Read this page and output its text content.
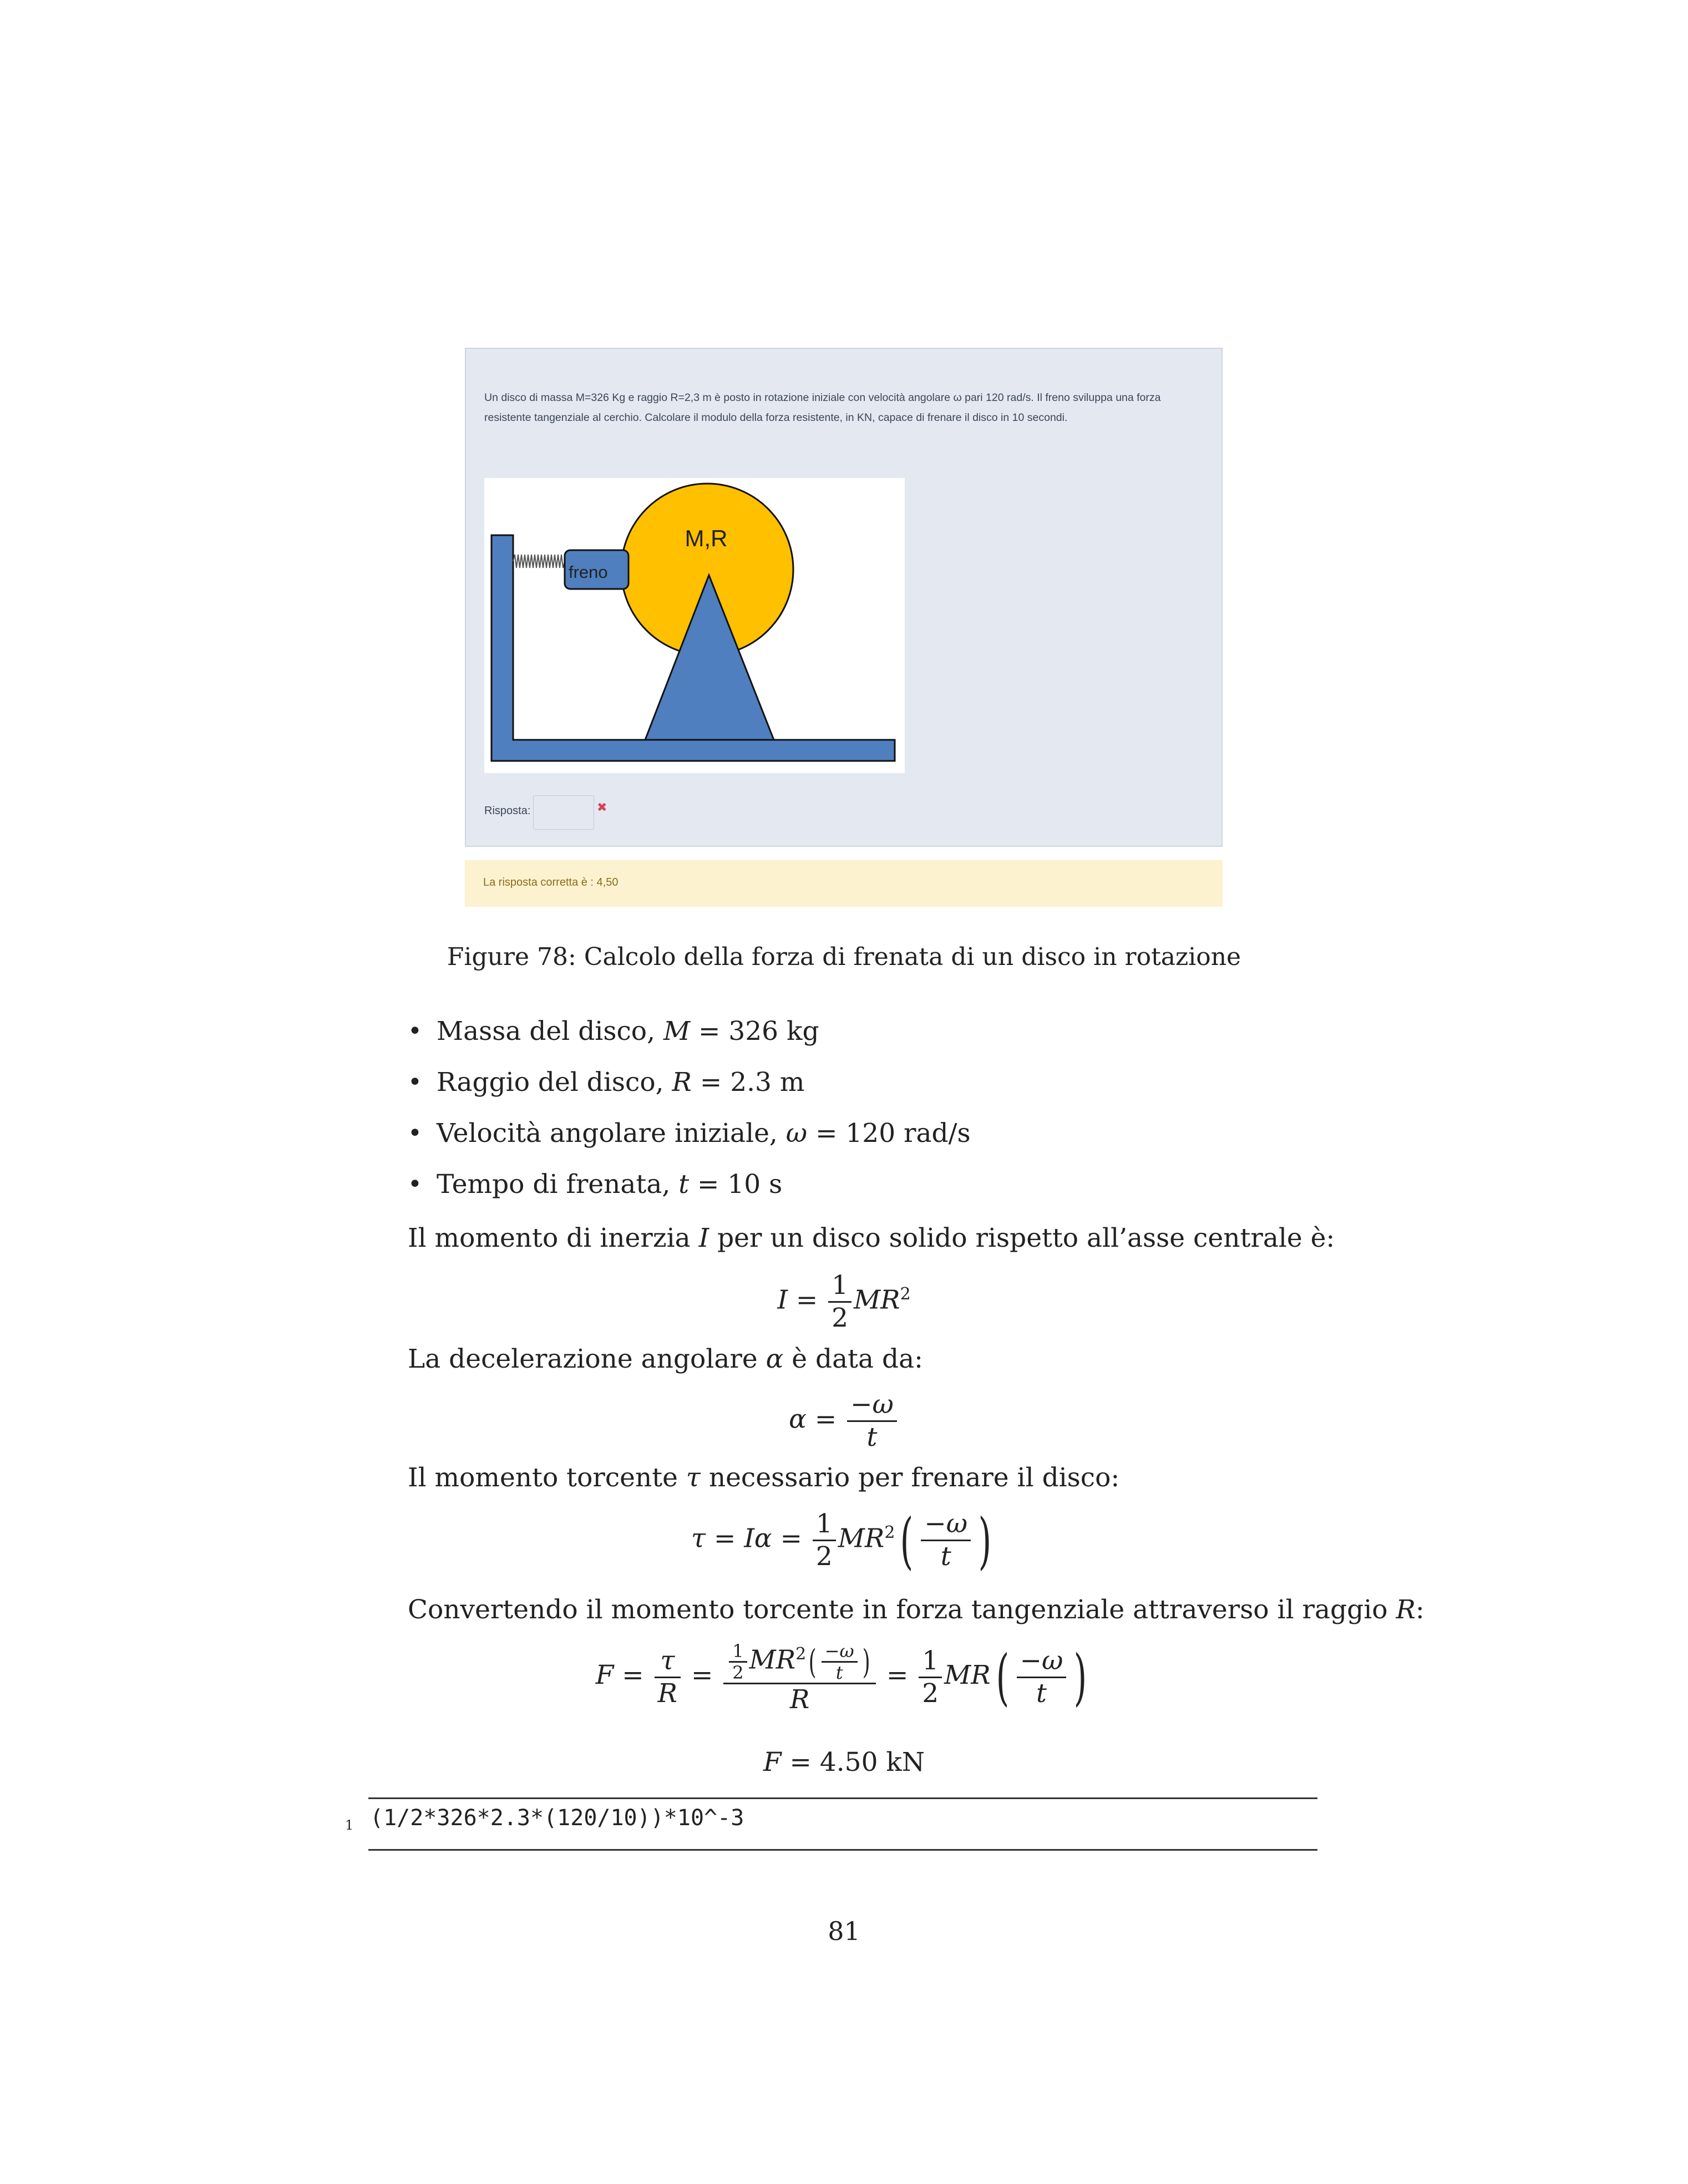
Un disco di massa M=326 Kg e raggio R=2,3 m è posto in rotazione iniziale con velocità angolare ω pari 120 rad/s. Il freno sviluppa una forza resistente tangenziale al cerchio. Calcolare il modulo della forza resistente, in KN, capace di frenare il disco in 10 secondi.
M,R
freno
Risposta:	✖
La risposta corretta è : 4,50
Figure 78: Calcolo della forza di frenata di un disco in rotazione
• Massa del disco, M = 326 kg
• Raggio del disco, R = 2.3 m
• Velocità angolare iniziale, ω = 120 rad/s
• Tempo di frenata, t = 10 s
Il momento di inerzia I per un disco solido rispetto all’asse centrale è:
$I = \frac{1}{2} MR^2$
La decelerazione angolare α è data da:
$\alpha = \frac{-\omega}{t}$
Il momento torcente τ necessario per frenare il disco:
$\tau = I\alpha = \frac{1}{2} MR^2( \frac{-\omega}{t}$ )
Convertendo il momento torcente in forza tangenziale attraverso il raggio R:
$F = \frac{\tau}{R} = \frac{\frac{1}{2} MR^2( \frac{-\omega}{t} )}{R} = \frac{1}{2} MR( \frac{-\omega}{t}$ )
F = 4.50 kN
1 (1/2*326*2.3*(120/10))*10^-3
81
